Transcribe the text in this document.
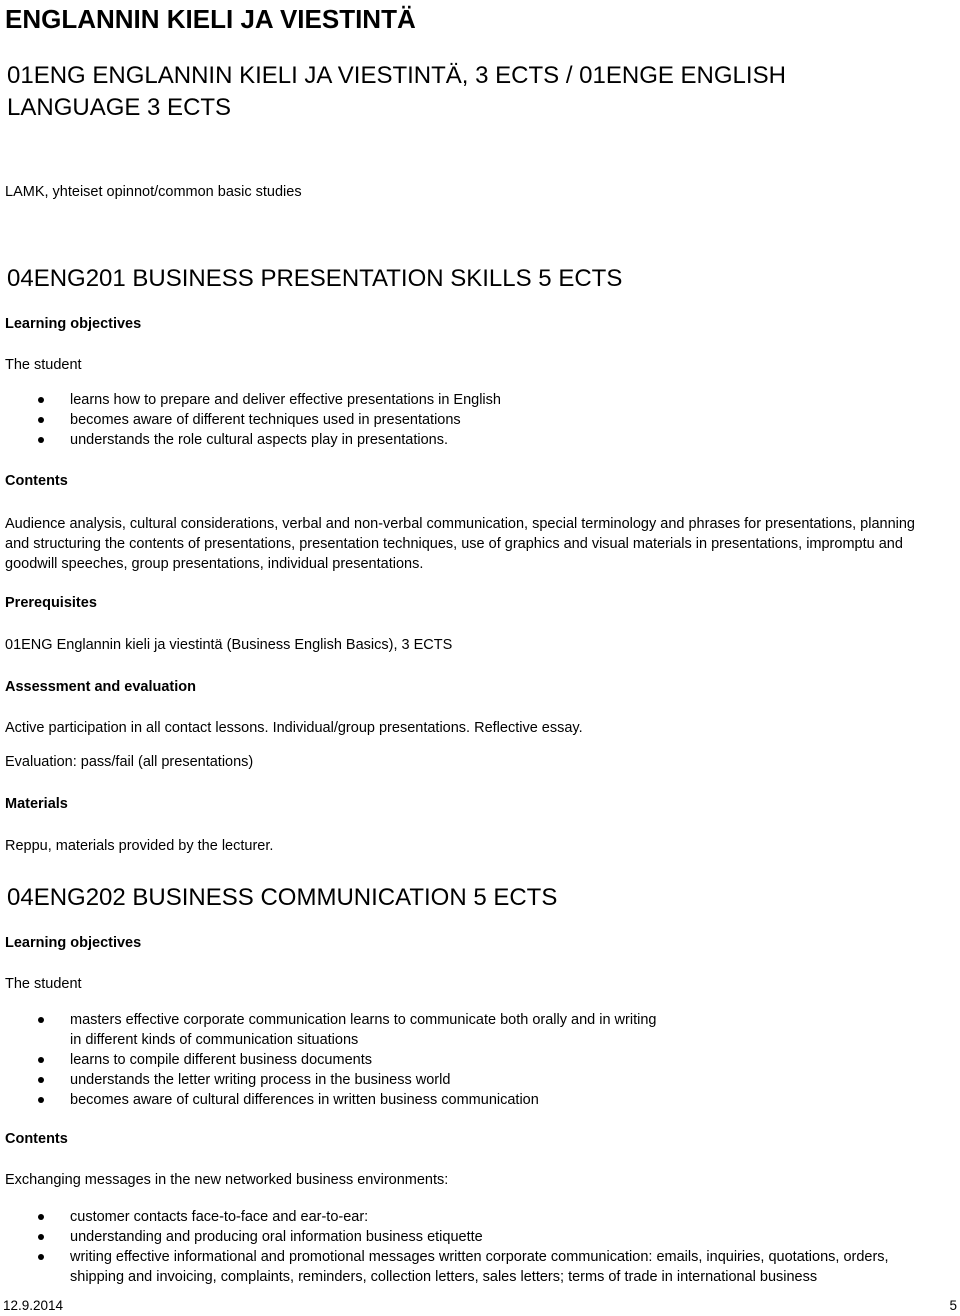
ENGLANNIN KIELI JA VIESTINTÄ
01ENG ENGLANNIN KIELI JA VIESTINTÄ, 3 ECTS / 01ENGE ENGLISH LANGUAGE 3 ECTS

LAMK, yhteiset opinnot/common basic studies

04ENG201 BUSINESS PRESENTATION SKILLS 5 ECTS

Learning objectives

The student

learns how to prepare and deliver effective presentations in English
becomes aware of different techniques used in presentations
understands the role cultural aspects play in presentations.

Contents

Audience analysis, cultural considerations, verbal and non-verbal communication, special terminology and phrases for presentations, planning and structuring the contents of presentations, presentation techniques, use of graphics and visual materials in presentations, impromptu and goodwill speeches, group presentations, individual presentations.

Prerequisites

01ENG Englannin kieli ja viestintä (Business English Basics), 3 ECTS

Assessment and evaluation

Active participation in all contact lessons. Individual/group presentations. Reflective essay.

Evaluation: pass/fail (all presentations)

Materials

Reppu, materials provided by the lecturer.

04ENG202 BUSINESS COMMUNICATION 5 ECTS

Learning objectives

The student

masters effective corporate communication learns to communicate both orally and in writing
in different kinds of communication situations
learns to compile different business documents
understands the letter writing process in the business world
becomes aware of cultural differences in written business communication

Contents

Exchanging messages in the new networked business environments:

customer contacts face-to-face and ear-to-ear:
understanding and producing oral information business etiquette
writing effective informational and promotional messages written corporate communication: emails, inquiries, quotations, orders,
shipping and invoicing, complaints, reminders, collection letters, sales letters; terms of trade in international business

12.9.2014	5
